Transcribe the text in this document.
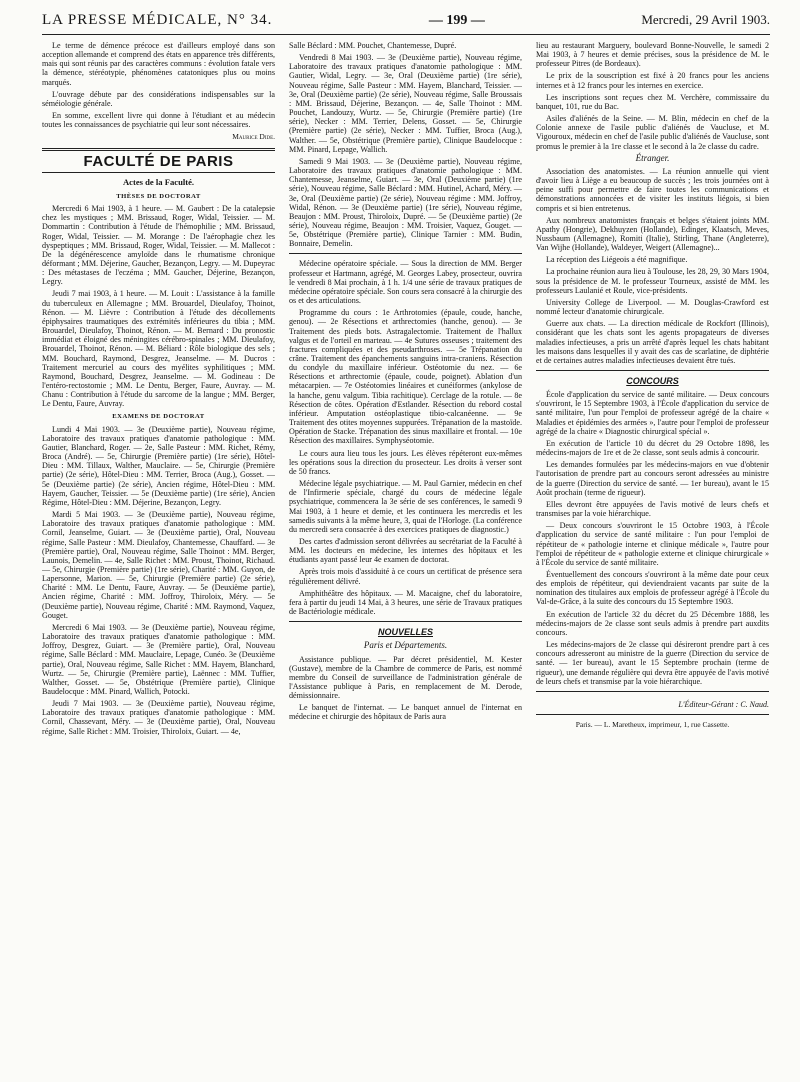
LA PRESSE MÉDICALE, N° 34.	— 199 —	Mercredi, 29 Avril 1903.

Le terme de démence précoce est d'ailleurs employé dans son acception allemande et comprend des états en apparence très différents, mais qui sont réunis par des caractères communs : évolution fatale vers la démence, stéréotypie, phénomènes catatoniques plus ou moins marqués.

L'ouvrage débute par des considérations indispensables sur la séméiologie générale.

En somme, excellent livre qui donne à l'étudiant et au médecin toutes les connaissances de psychiatrie qui leur sont nécessaires.

Maurice Dide.
FACULTÉ DE PARIS
Actes de la Faculté.
THÈSES DE DOCTORAT

Mercredi 6 Mai 1903, à 1 heure. — M. Gaubert : De la catalepsie chez les mystiques ; MM. Brissaud, Roger, Widal, Teissier. — M. Dommartin : Contribution à l'étude de l'hémophilie ; MM. Brissaud, Roger, Widal, Teissier. — M. Morange : De l'aérophagie chez les dyspeptiques ; MM. Brissaud, Roger, Widal, Teissier. — M. Mallecot : De la dégénérescence amyloïde dans le rhumatisme chronique déformant ; MM. Déjerine, Gaucher, Bezançon, Legry. — M. Dupeyrac : Des métastases de l'eczéma ; MM. Gaucher, Déjerine, Bezançon, Legry.

Jeudi 7 mai 1903, à 1 heure. — M. Louit : L'assistance à la famille du tuberculeux en Allemagne ; MM. Brouardel, Dieulafoy, Thoinot, Rénon. — M. Lièvre : Contribution à l'étude des décollements épiphysaires traumatiques des extrémités inférieures du tibia ; MM. Brouardel, Dieulafoy, Thoinot, Rénon. — M. Bernard : Du pronostic immédiat et éloigné des méningites cérébro-spinales ; MM. Dieulafoy, Brouardel, Thoinot, Rénon. — M. Béliard : Rôle biologique des sels ; MM. Bouchard, Raymond, Desgrez, Jeanselme. — M. Ducros : Traitement mercuriel au cours des myélites syphilitiques ; MM. Raymond, Bouchard, Desgrez, Jeanselme. — M. Godineau : De l'entéro-rectostomie ; MM. Le Dentu, Berger, Faure, Auvray. — M. Chanu : Contribution à l'étude du sarcome de la langue ; MM. Berger, Le Dentu, Faure, Auvray.

EXAMENS DE DOCTORAT

Lundi 4 Mai 1903. — 3e (Deuxième partie), Nouveau régime, Laboratoire des travaux pratiques d'anatomie pathologique : MM. Gautier, Blanchard, Roger. — 2e, Salle Pasteur : MM. Richet, Rémy, Broca (André). — 5e, Chirurgie (Première partie) (1re série), Hôtel-Dieu : MM. Tillaux, Walther, Mauclaire. — 5e, Chirurgie (Première partie) (2e série), Hôtel-Dieu : MM. Terrier, Broca (Aug.), Gosset. — 5e (Deuxième partie) (2e série), Ancien régime, Hôtel-Dieu : MM. Hayem, Gaucher, Teissier. — 5e (Deuxième partie) (1re série), Ancien Régime, Hôtel-Dieu : MM. Déjerine, Bezançon, Legry.

Mardi 5 Mai 1903. — 3e (Deuxième partie), Nouveau régime, Laboratoire des travaux pratiques d'anatomie pathologique : MM. Cornil, Jeanselme, Guiart. — 3e (Deuxième partie), Oral, Nouveau régime, Salle Pasteur : MM. Dieulafoy, Chantemesse, Chauffard. — 3e (Première partie), Oral, Nouveau régime, Salle Thoinot : MM. Berger, Launois, Demelin. — 4e, Salle Richet : MM. Proust, Thoinot, Richaud. — 5e, Chirurgie (Première partie) (1re série), Charité : MM. Guyon, de Lapersonne, Marion. — 5e, Chirurgie (Première partie) (2e série), Charité : MM. Le Dentu, Faure, Auvray. — 5e (Deuxième partie), Ancien régime, Charité : MM. Joffroy, Thiroloix, Méry. — 5e (Deuxième partie), Nouveau régime, Charité : MM. Raymond, Vaquez, Gouget.

Mercredi 6 Mai 1903. — 3e (Deuxième partie), Nouveau régime, Laboratoire des travaux pratiques d'anatomie pathologique : MM. Joffroy, Desgrez, Guiart. — 3e (Première partie), Oral, Nouveau régime, Salle Béclard : MM. Mauclaire, Lepage, Cunéo. 3e (Deuxième partie), Oral, Nouveau régime, Salle Richet : MM. Hayem, Blanchard, Wurtz. — 5e, Chirurgie (Première partie), Laënnec : MM. Tuffier, Walther, Gosset. — 5e, Obstétrique (Première partie), Clinique Baudelocque : MM. Pinard, Wallich, Potocki.

Jeudi 7 Mai 1903. — 3e (Deuxième partie), Nouveau régime, Laboratoire des travaux pratiques d'anatomie pathologique : MM. Cornil, Chassevant, Méry. — 3e (Deuxième partie), Oral, Nouveau régime, Salle Richet : MM. Troisier, Thiroloix, Guiart. — 4e,

Salle Béclard : MM. Pouchet, Chantemesse, Dupré.

Vendredi 8 Mai 1903. — 3e (Deuxième partie), Nouveau régime, Laboratoire des travaux pratiques d'anatomie pathologique : MM. Gautier, Widal, Legry. — 3e, Oral (Deuxième partie) (1re série), Nouveau régime, Salle Pasteur : MM. Hayem, Blanchard, Teissier. — 3e, Oral (Deuxième partie) (2e série), Nouveau régime, Salle Broussais : MM. Brissaud, Déjerine, Bezançon. — 4e, Salle Thoinot : MM. Pouchet, Landouzy, Wurtz. — 5e, Chirurgie (Première partie) (1re série), Necker : MM. Terrier, Delens, Gosset. — 5e, Chirurgie (Première partie) (2e série), Necker : MM. Tuffier, Broca (Aug.), Walther. — 5e, Obstétrique (Première partie), Clinique Baudelocque : MM. Pinard, Lepage, Wallich.

Samedi 9 Mai 1903. — 3e (Deuxième partie), Nouveau régime, Laboratoire des travaux pratiques d'anatomie pathologique : MM. Chantemesse, Jeanselme, Guiart. — 3e, Oral (Deuxième partie) (1re série), Nouveau régime, Salle Béclard : MM. Hutinel, Achard, Méry. — 3e, Oral (Deuxième partie) (2e série), Nouveau régime : MM. Joffroy, Widal, Rénon. — 3e (Deuxième partie) (1re série), Nouveau régime, Beaujon : MM. Proust, Thiroloix, Dupré. — 5e (Deuxième partie) (2e série), Nouveau régime, Beaujon : MM. Troisier, Vaquez, Gouget. — 5e, Obstétrique (Première partie), Clinique Tarnier : MM. Budin, Bonnaire, Demelin.

Médecine opératoire spéciale. — Sous la direction de MM. Berger professeur et Hartmann, agrégé, M. Georges Labey, prosecteur, ouvrira le vendredi 8 Mai prochain, à 1 h. 1/4 une série de travaux pratiques de médecine opératoire spéciale. Son cours sera consacré à la chirurgie des os et des articulations.

Programme du cours : 1e Arthrotomies (épaule, coude, hanche, genou). — 2e Résections et arthrectomies (hanche, genou). — 3e Traitement des pieds bots. Astragalectomie. Traitement de l'hallux valgus et de l'orteil en marteau. — 4e Sutures osseuses ; traitement des fractures compliquées et des pseudarthroses. — 5e Trépanation du crâne. Traitement des épanchements sanguins intra-craniens. Résection du condyle du maxillaire inférieur. Ostéotomie du nez. — 6e Résections et arthrectomie (épaule, coude, poignet). Ablation d'un métacarpien. — 7e Ostéotomies linéaires et cunéiformes (ankylose de la hanche, genu valgum. Tibia rachitique). Cerclage de la rotule. — 8e Résection de côtes. Opération d'Estlander. Résection du rebord costal inférieur. Amputation ostéoplastique tibio-calcanéenne. — 9e Traitement des otites moyennes suppurées. Trépanation de la mastoïde. Opération de Stacke. Trépanation des sinus maxillaire et frontal. — 10e Résection des maxillaires. Symphyséotomie.

Le cours aura lieu tous les jours. Les élèves répéteront eux-mêmes les opérations sous la direction du prosecteur. Les droits à verser sont de 50 francs.

Médecine légale psychiatrique. — M. Paul Garnier, médecin en chef de l'Infirmerie spéciale, chargé du cours de médecine légale psychiatrique, commencera la 3e série de ses conférences, le samedi 9 Mai 1903, à 1 heure et demie, et les continuera les mercredis et les samedis suivants à la même heure, 3, quai de l'Horloge. (La conférence du mercredi sera consacrée à des exercices pratiques de diagnostic.)

Des cartes d'admission seront délivrées au secrétariat de la Faculté à MM. les docteurs en médecine, les internes des hôpitaux et les étudiants ayant passé leur 4e examen de doctorat.

Après trois mois d'assiduité à ce cours un certificat de présence sera régulièrement délivré.

Amphithéâtre des hôpitaux. — M. Macaigne, chef du laboratoire, fera à partir du jeudi 14 Mai, à 3 heures, une série de Travaux pratiques de Bactériologie médicale.

NOUVELLES
Paris et Départements.

Assistance publique. — Par décret présidentiel, M. Kester (Gustave), membre de la Chambre de commerce de Paris, est nommé membre du Conseil de surveillance de l'administration générale de l'Assistance publique à Paris, en remplacement de M. Derode, démissionnaire.

Le banquet de l'internat. — Le banquet annuel de l'internat en médecine et chirurgie des hôpitaux de Paris aura

lieu au restaurant Marguery, boulevard Bonne-Nouvelle, le samedi 2 Mai 1903, à 7 heures et demie précises, sous la présidence de M. le professeur Pitres (de Bordeaux).

Le prix de la souscription est fixé à 20 francs pour les anciens internes et à 12 francs pour les internes en exercice.

Les inscriptions sont reçues chez M. Verchère, commissaire du banquet, 101, rue du Bac.

Asiles d'aliénés de la Seine. — M. Blin, médecin en chef de la Colonie annexe de l'asile public d'aliénés de Vaucluse, et M. Vigouroux, médecin en chef de l'asile public d'aliénés de Vaucluse, sont promus le premier à la 1re classe et le second à la 2e classe du cadre.

Étranger.

Association des anatomistes. — La réunion annuelle qui vient d'avoir lieu à Liège a eu beaucoup de succès ; les trois journées ont à peine suffi pour permettre de faire toutes les communications et démonstrations annoncées et de visiter les instituts liégois, si bien compris et si bien entretenus.

Aux nombreux anatomistes français et belges s'étaient joints MM. Apathy (Hongrie), Dekhuyzen (Hollande), Edinger, Klaatsch, Meves, Nussbaum (Allemagne), Romiti (Italie), Stirling, Thane (Angleterre), Van Wijhe (Hollande), Waldeyer, Weigert (Allemagne)...

La réception des Liégeois a été magnifique.

La prochaine réunion aura lieu à Toulouse, les 28, 29, 30 Mars 1904, sous la présidence de M. le professeur Tourneux, assisté de MM. les professeurs Laulanié et Roule, vice-présidents.

University College de Liverpool. — M. Douglas-Crawford est nommé lecteur d'anatomie chirurgicale.

Guerre aux chats. — La direction médicale de Rockfort (Illinois), considérant que les chats sont les agents propagateurs de diverses maladies infectieuses, a pris un arrêté d'après lequel les chats habitant les maisons dans lesquelles il y avait des cas de scarlatine, de diphtérie et de certaines autres maladies infectieuses devaient être tués.

CONCOURS

École d'application du service de santé militaire. — Deux concours s'ouvriront, le 15 Septembre 1903, à l'École d'application du service de santé militaire, l'un pour l'emploi de professeur agrégé de la chaire « Maladies et épidémies des armées », l'autre pour l'emploi de professeur agrégé de la chaire « Diagnostic chirurgical spécial ».

En exécution de l'article 10 du décret du 29 Octobre 1898, les médecins-majors de 1re et de 2e classe, sont seuls admis à concourir.

Les demandes formulées par les médecins-majors en vue d'obtenir l'autorisation de prendre part au concours seront adressées au ministre de la guerre (Direction du service de santé. — 1er bureau), avant le 15 Août prochain (terme de rigueur).

Elles devront être appuyées de l'avis motivé de leurs chefs et transmises par la voie hiérarchique.

— Deux concours s'ouvriront le 15 Octobre 1903, à l'École d'application du service de santé militaire : l'un pour l'emploi de répétiteur de « pathologie interne et clinique médicale », l'autre pour l'emploi de répétiteur de « pathologie externe et clinique chirurgicale » à l'École du service de santé militaire.

Éventuellement des concours s'ouvriront à la même date pour ceux des emplois de répétiteur, qui deviendraient vacants par suite de la nomination des titulaires aux emplois de professeur agrégé à l'École du Val-de-Grâce, à la suite des concours du 15 Septembre 1903.

En exécution de l'article 32 du décret du 25 Décembre 1888, les médecins-majors de 2e classe sont seuls admis à prendre part auxdits concours.

Les médecins-majors de 2e classe qui désireront prendre part à ces concours adresseront au ministre de la guerre (Direction du service de santé. — 1er bureau), avant le 15 Septembre prochain (terme de rigueur), une demande régulière qui devra être appuyée de l'avis motivé de leurs chefs et transmise par la voie hiérarchique.

L'Éditeur-Gérant : C. Naud.
Paris. — L. Maretheux, imprimeur, 1, rue Cassette.
